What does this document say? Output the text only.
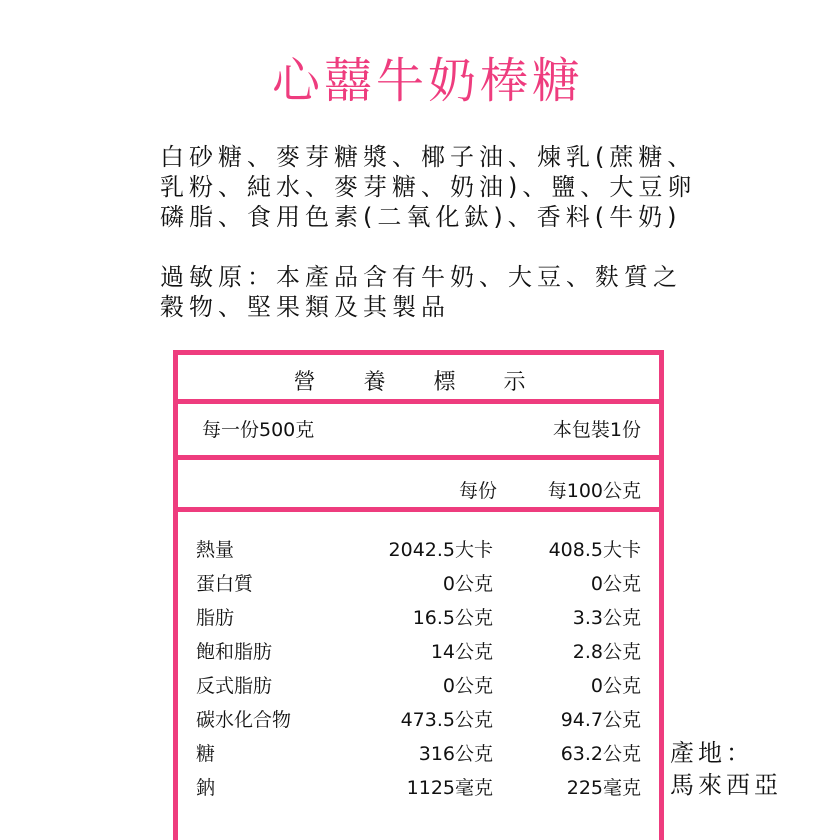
心囍牛奶棒糖
白砂糖、麥芽糖漿、椰子油、煉乳(蔗糖、
乳粉、純水、麥芽糖、奶油)、鹽、大豆卵
磷脂、食用色素(二氧化鈦)、香料(牛奶)
過敏原：本產品含有牛奶、大豆、麩質之
穀物、堅果類及其製品
營養標示
每一份500克	本包裝1份
每份	每100公克
熱量	2042.5大卡	408.5大卡
蛋白質	0公克	0公克
脂肪	16.5公克	3.3公克
飽和脂肪	14公克	2.8公克
反式脂肪	0公克	0公克
碳水化合物	473.5公克	94.7公克
糖	316公克	63.2公克
鈉	1125毫克	225毫克
產地：
馬來西亞
